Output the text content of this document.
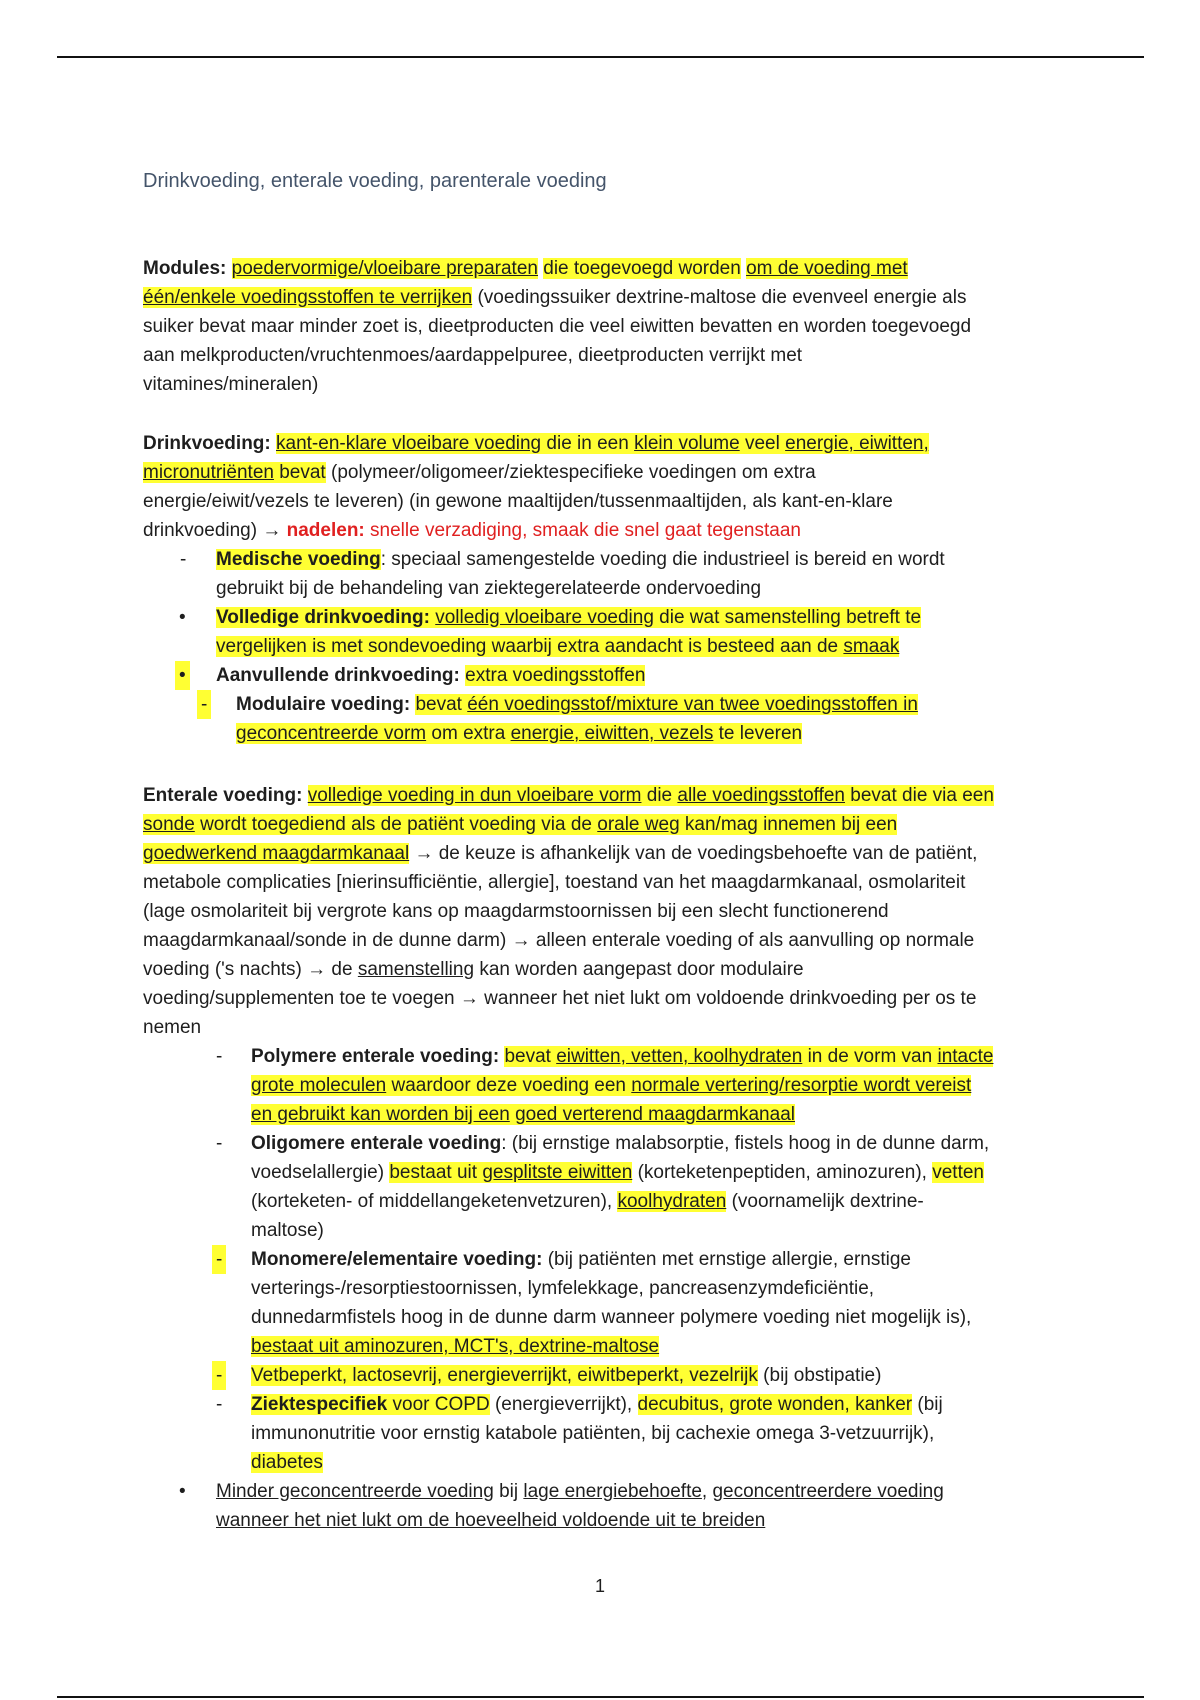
Drinkvoeding, enterale voeding, parenterale voeding
Modules: poedervormige/vloeibare preparaten die toegevoegd worden om de voeding met
één/enkele voedingsstoffen te verrijken (voedingssuiker dextrine-maltose die evenveel energie als
suiker bevat maar minder zoet is, dieetproducten die veel eiwitten bevatten en worden toegevoegd
aan melkproducten/vruchtenmoes/aardappelpuree, dieetproducten verrijkt met
vitamines/mineralen)
Drinkvoeding: kant-en-klare vloeibare voeding die in een klein volume veel energie, eiwitten,
micronutriënten bevat (polymeer/oligomeer/ziektespecifieke voedingen om extra
energie/eiwit/vezels te leveren) (in gewone maaltijden/tussenmaaltijden, als kant-en-klare
drinkvoeding) → nadelen: snelle verzadiging, smaak die snel gaat tegenstaan
- Medische voeding: speciaal samengestelde voeding die industrieel is bereid en wordt
gebruikt bij de behandeling van ziektegerelateerde ondervoeding
• Volledige drinkvoeding: volledig vloeibare voeding die wat samenstelling betreft te
vergelijken is met sondevoeding waarbij extra aandacht is besteed aan de smaak
• Aanvullende drinkvoeding: extra voedingsstoffen
- Modulaire voeding: bevat één voedingsstof/mixture van twee voedingsstoffen in
geconcentreerde vorm om extra energie, eiwitten, vezels te leveren
Enterale voeding: volledige voeding in dun vloeibare vorm die alle voedingsstoffen bevat die via een
sonde wordt toegediend als de patiënt voeding via de orale weg kan/mag innemen bij een
goedwerkend maagdarmkanaal → de keuze is afhankelijk van de voedingsbehoefte van de patiënt,
metabole complicaties [nierinsufficiëntie, allergie], toestand van het maagdarmkanaal, osmolariteit
(lage osmolariteit bij vergrote kans op maagdarmstoornissen bij een slecht functionerend
maagdarmkanaal/sonde in de dunne darm) → alleen enterale voeding of als aanvulling op normale
voeding ('s nachts) → de samenstelling kan worden aangepast door modulaire
voeding/supplementen toe te voegen → wanneer het niet lukt om voldoende drinkvoeding per os te
nemen
- Polymere enterale voeding: bevat eiwitten, vetten, koolhydraten in de vorm van intacte
grote moleculen waardoor deze voeding een normale vertering/resorptie wordt vereist
en gebruikt kan worden bij een goed verterend maagdarmkanaal
- Oligomere enterale voeding: (bij ernstige malabsorptie, fistels hoog in de dunne darm,
voedselallergie) bestaat uit gesplitste eiwitten (korteketenpeptiden, aminozuren), vetten
(korteketen- of middellangeketenvetzuren), koolhydraten (voornamelijk dextrine-
maltose)
- Monomere/elementaire voeding: (bij patiënten met ernstige allergie, ernstige
verterings-/resorptiestoornissen, lymfelekkage, pancreasenzymdeficiëntie,
dunnedarmfistels hoog in de dunne darm wanneer polymere voeding niet mogelijk is),
bestaat uit aminozuren, MCT's, dextrine-maltose
- Vetbeperkt, lactosevrij, energieverrijkt, eiwitbeperkt, vezelrijk (bij obstipatie)
- Ziektespecifiek voor COPD (energieverrijkt), decubitus, grote wonden, kanker (bij
immunonutritie voor ernstig katabole patiënten, bij cachexie omega 3-vetzuurrijk),
diabetes
• Minder geconcentreerde voeding bij lage energiebehoefte, geconcentreerdere voeding
wanneer het niet lukt om de hoeveelheid voldoende uit te breiden
1
